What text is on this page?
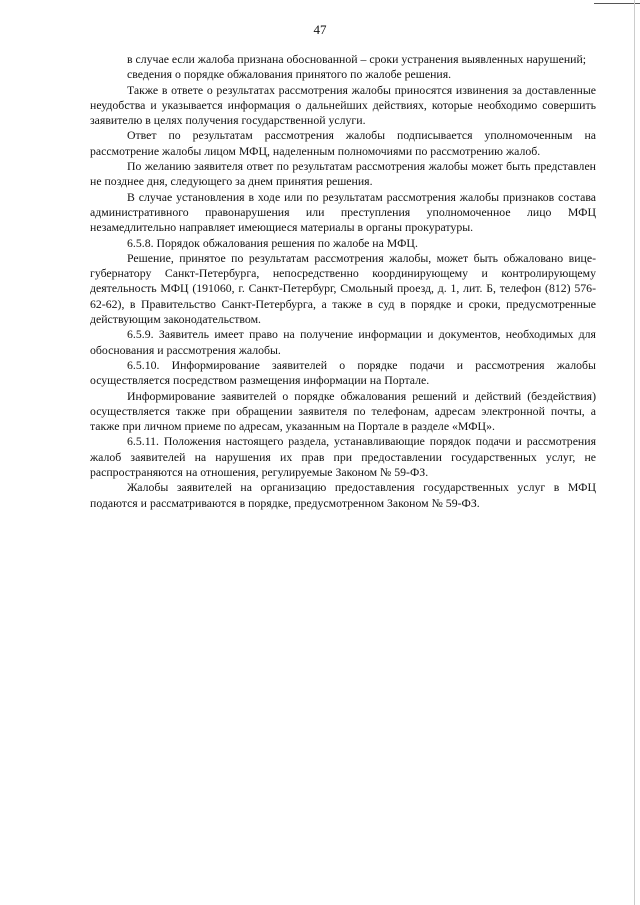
47

в случае если жалоба признана обоснованной – сроки устранения выявленных нарушений;

сведения о порядке обжалования принятого по жалобе решения.

Также в ответе о результатах рассмотрения жалобы приносятся извинения за доставленные неудобства и указывается информация о дальнейших действиях, которые необходимо совершить заявителю в целях получения государственной услуги.

Ответ по результатам рассмотрения жалобы подписывается уполномоченным на рассмотрение жалобы лицом МФЦ, наделенным полномочиями по рассмотрению жалоб.

По желанию заявителя ответ по результатам рассмотрения жалобы может быть представлен не позднее дня, следующего за днем принятия решения.

В случае установления в ходе или по результатам рассмотрения жалобы признаков состава административного правонарушения или преступления уполномоченное лицо МФЦ незамедлительно направляет имеющиеся материалы в органы прокуратуры.

6.5.8. Порядок обжалования решения по жалобе на МФЦ.

Решение, принятое по результатам рассмотрения жалобы, может быть обжаловано вице-губернатору Санкт-Петербурга, непосредственно координирующему и контролирующему деятельность МФЦ (191060, г. Санкт-Петербург, Смольный проезд, д. 1, лит. Б, телефон (812) 576-62-62), в Правительство Санкт-Петербурга, а также в суд в порядке и сроки, предусмотренные действующим законодательством.

6.5.9. Заявитель имеет право на получение информации и документов, необходимых для обоснования и рассмотрения жалобы.

6.5.10. Информирование заявителей о порядке подачи и рассмотрения жалобы осуществляется посредством размещения информации на Портале.

Информирование заявителей о порядке обжалования решений и действий (бездействия) осуществляется также при обращении заявителя по телефонам, адресам электронной почты, а также при личном приеме по адресам, указанным на Портале в разделе «МФЦ».

6.5.11. Положения настоящего раздела, устанавливающие порядок подачи и рассмотрения жалоб заявителей на нарушения их прав при предоставлении государственных услуг, не распространяются на отношения, регулируемые Законом № 59-ФЗ.

Жалобы заявителей на организацию предоставления государственных услуг в МФЦ подаются и рассматриваются в порядке, предусмотренном Законом № 59-ФЗ.
